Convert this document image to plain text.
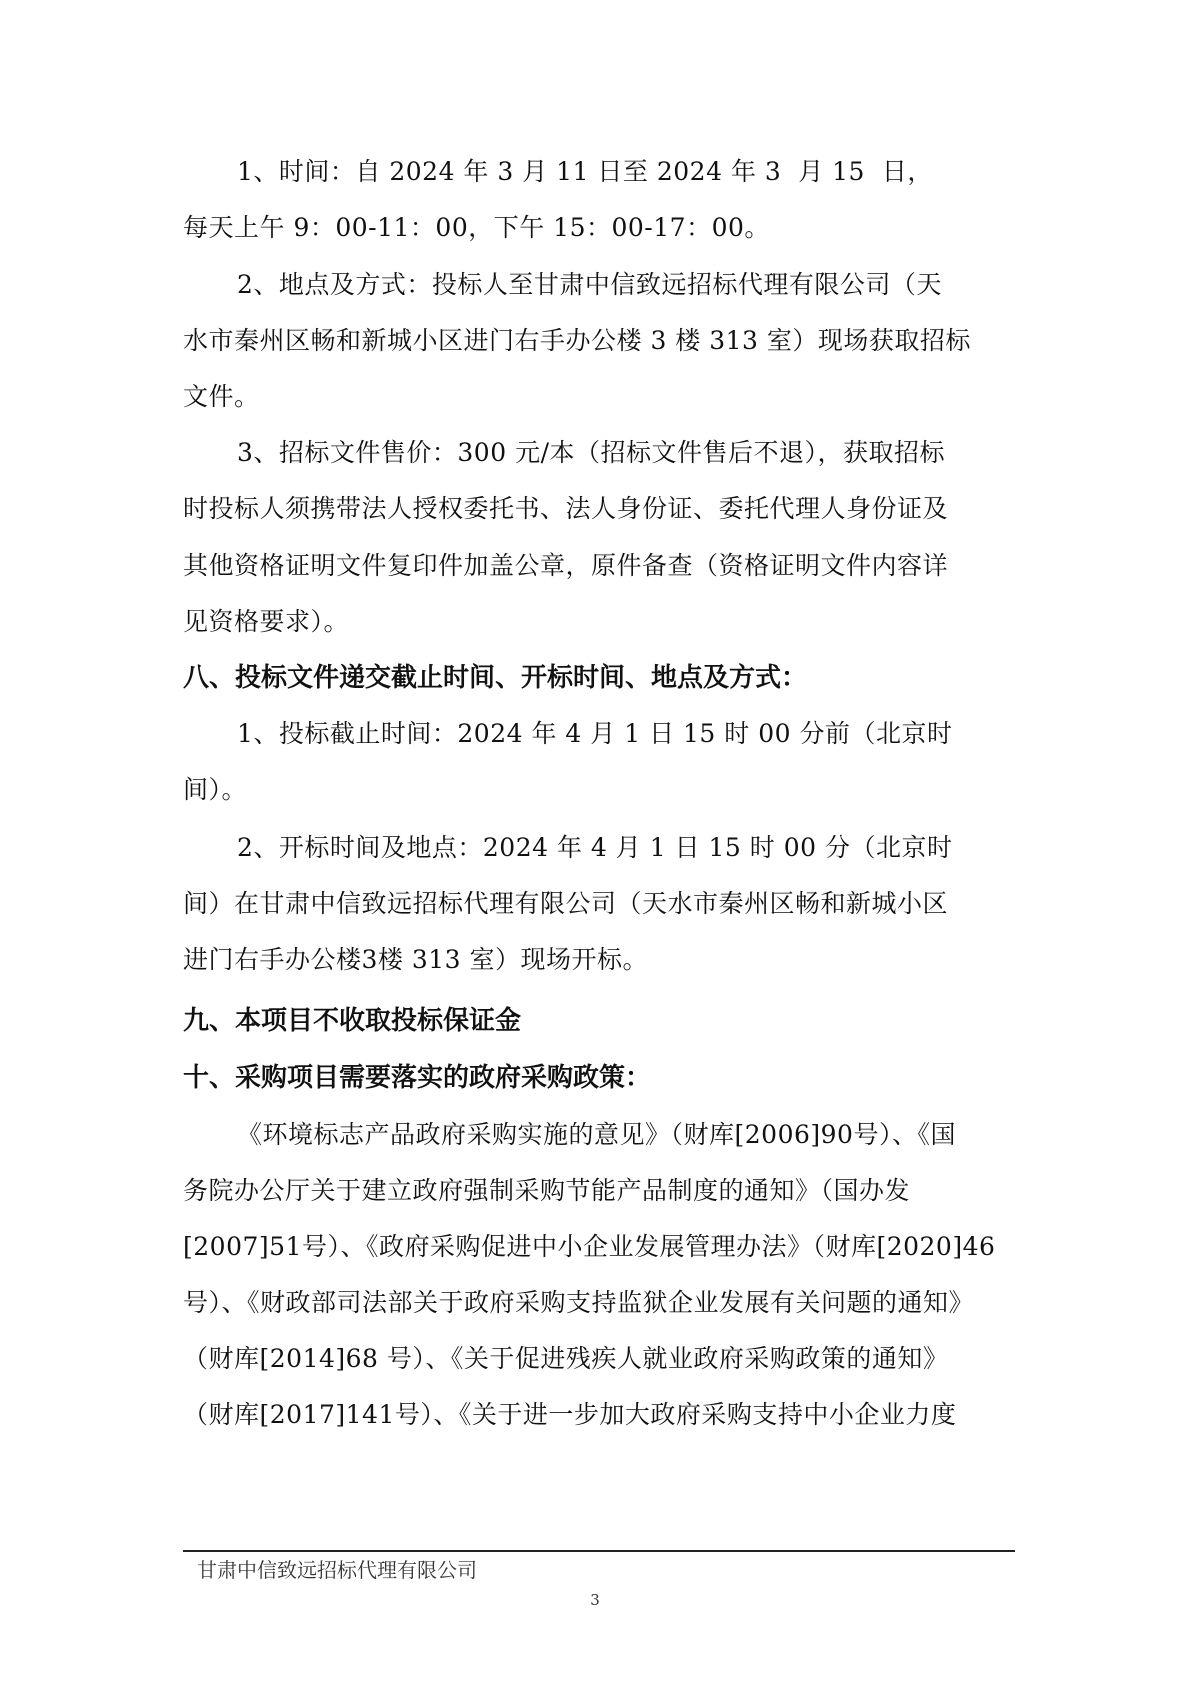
1、时间：自 2024 年 3 月 11 日至 2024 年 3  月 15  日，
每天上午 9：00-11：00，下午 15：00-17：00。
2、地点及方式：投标人至甘肃中信致远招标代理有限公司（天
水市秦州区畅和新城小区进门右手办公楼 3 楼 313 室）现场获取招标
文件。
3、招标文件售价：300 元/本（招标文件售后不退），获取招标
时投标人须携带法人授权委托书、法人身份证、委托代理人身份证及
其他资格证明文件复印件加盖公章，原件备查（资格证明文件内容详
见资格要求）。
八、投标文件递交截止时间、开标时间、地点及方式：
1、投标截止时间：2024 年 4 月 1 日 15 时 00 分前（北京时
间）。
2、开标时间及地点：2024 年 4 月 1 日 15 时 00 分（北京时
间）在甘肃中信致远招标代理有限公司（天水市秦州区畅和新城小区
进门右手办公楼3楼 313 室）现场开标。
九、本项目不收取投标保证金
十、采购项目需要落实的政府采购政策：
《环境标志产品政府采购实施的意见》（财库[2006]90号）、《国
务院办公厅关于建立政府强制采购节能产品制度的通知》（国办发
[2007]51号）、《政府采购促进中小企业发展管理办法》（财库[2020]46
号）、《财政部司法部关于政府采购支持监狱企业发展有关问题的通知》
（财库[2014]68 号）、《关于促进残疾人就业政府采购政策的通知》
（财库[2017]141号）、《关于进一步加大政府采购支持中小企业力度
甘肃中信致远招标代理有限公司
3
